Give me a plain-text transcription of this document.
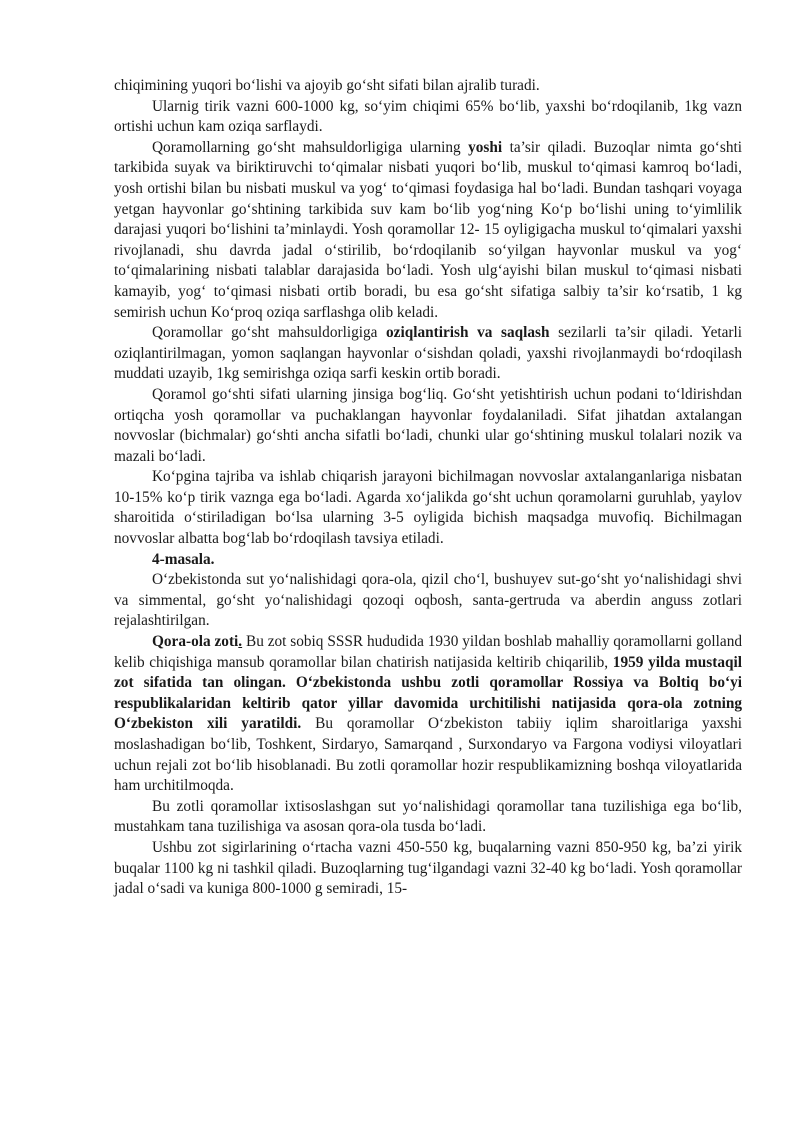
chiqimining yuqori bo‘lishi va ajoyib go‘sht sifati bilan ajralib turadi.

Ularnig tirik vazni 600-1000 kg, so‘yim chiqimi 65% bo‘lib, yaxshi bo‘rdoqilanib, 1kg vazn ortishi uchun kam oziqa sarflaydi.

Qoramollarning go‘sht mahsuldorligiga ularning yoshi ta’sir qiladi. Buzoqlar nimta go‘shti tarkibida suyak va biriktiruvchi to‘qimalar nisbati yuqori bo‘lib, muskul to‘qimasi kamroq bo‘ladi, yosh ortishi bilan bu nisbati muskul va yog‘ to‘qimasi foydasiga hal bo‘ladi. Bundan tashqari voyaga yetgan hayvonlar go‘shtining tarkibida suv kam bo‘lib yog‘ning Ko‘p bo‘lishi uning to‘yimlilik darajasi yuqori bo‘lishini ta’minlaydi. Yosh qoramollar 12- 15 oyligigacha muskul to‘qimalari yaxshi rivojlanadi, shu davrda jadal o‘stirilib, bo‘rdoqilanib so‘yilgan hayvonlar muskul va yog‘ to‘qimalarining nisbati talablar darajasida bo‘ladi. Yosh ulg‘ayishi bilan muskul to‘qimasi nisbati kamayib, yog‘ to‘qimasi nisbati ortib boradi, bu esa go‘sht sifatiga salbiy ta’sir ko‘rsatib, 1 kg semirish uchun Ko‘proq oziqa sarflashga olib keladi.

Qoramollar go‘sht mahsuldorligiga oziqlantirish va saqlash sezilarli ta’sir qiladi. Yetarli oziqlantirilmagan, yomon saqlangan hayvonlar o‘sishdan qoladi, yaxshi rivojlanmaydi bo‘rdoqilash muddati uzayib, 1kg semirishga oziqa sarfi keskin ortib boradi.

Qoramol go‘shti sifati ularning jinsiga bog‘liq. Go‘sht yetishtirish uchun podani to‘ldirishdan ortiqcha yosh qoramollar va puchaklangan hayvonlar foydalaniladi. Sifat jihatdan axtalangan novvoslar (bichmalar) go‘shti ancha sifatli bo‘ladi, chunki ular go‘shtining muskul tolalari nozik va mazali bo‘ladi.

Ko‘pgina tajriba va ishlab chiqarish jarayoni bichilmagan novvoslar axtalanganlariga nisbatan 10-15% ko‘p tirik vaznga ega bo‘ladi. Agarda xo‘jalikda go‘sht uchun qoramolarni guruhlab, yaylov sharoitida o‘stiriladigan bo‘lsa ularning 3-5 oyligida bichish maqsadga muvofiq. Bichilmagan novvoslar albatta bog‘lab bo‘rdoqilash tavsiya etiladi.

4-masala.

O‘zbekistonda sut yo‘nalishidagi qora-ola, qizil cho‘l, bushuyev sut-go‘sht yo‘nalishidagi shvi va simmental, go‘sht yo‘nalishidagi qozoqi oqbosh, santa-gertruda va aberdin anguss zotlari rejalashtirilgan.

Qora-ola zoti. Bu zot sobiq SSSR hududida 1930 yildan boshlab mahalliy qoramollarni golland kelib chiqishiga mansub qoramollar bilan chatirish natijasida keltirib chiqarilib, 1959 yilda mustaqil zot sifatida tan olingan. O‘zbekistonda ushbu zotli qoramollar Rossiya va Boltiq bo‘yi respublikalaridan keltirib qator yillar davomida urchitilishi natijasida qora-ola zotning O‘zbekiston xili yaratildi. Bu qoramollar O‘zbekiston tabiiy iqlim sharoitlariga yaxshi moslashadigan bo‘lib, Toshkent, Sirdaryo, Samarqand , Surxondaryo va Fargona vodiysi viloyatlari uchun rejali zot bo‘lib hisoblanadi. Bu zotli qoramollar hozir respublikamizning boshqa viloyatlarida ham urchitilmoqda.

Bu zotli qoramollar ixtisoslashgan sut yo‘nalishidagi qoramollar tana tuzilishiga ega bo‘lib, mustahkam tana tuzilishiga va asosan qora-ola tusda bo‘ladi.

Ushbu zot sigirlarining o‘rtacha vazni 450-550 kg, buqalarning vazni 850-950 kg, ba’zi yirik buqalar 1100 kg ni tashkil qiladi. Buzoqlarning tug‘ilgandagi vazni 32-40 kg bo‘ladi. Yosh qoramollar jadal o‘sadi va kuniga 800-1000 g semiradi, 15-
